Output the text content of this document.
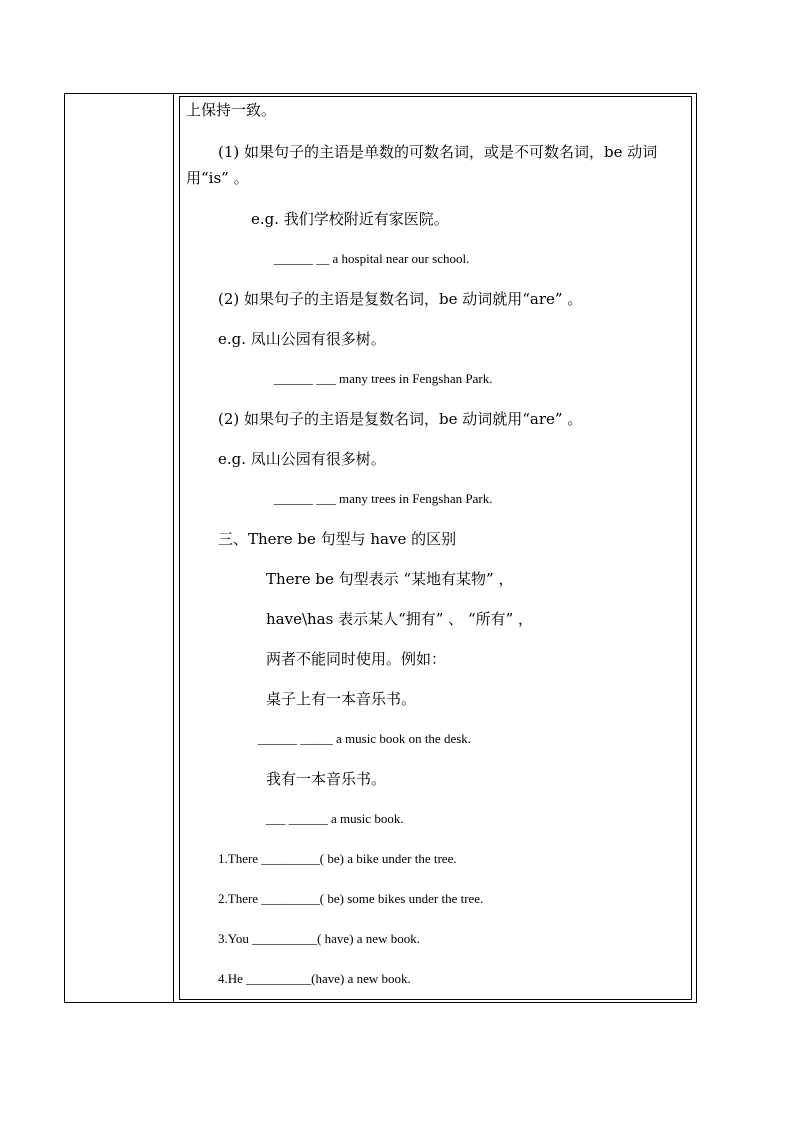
上保持一致。
(1) 如果句子的主语是单数的可数名词，或是不可数名词，be 动词
用“is” 。
e.g. 我们学校附近有家医院。
______ __ a hospital near our school.
(2) 如果句子的主语是复数名词，be 动词就用“are” 。
e.g. 凤山公园有很多树。
______ ___ many trees in Fengshan Park.
(2) 如果句子的主语是复数名词，be 动词就用“are” 。
e.g. 凤山公园有很多树。
______ ___ many trees in Fengshan Park.
三、There be 句型与 have 的区别
There be 句型表示 “某地有某物” ，
have\has 表示某人“拥有” 、 “所有” ，
两者不能同时使用。例如：
桌子上有一本音乐书。
______ _____ a music book on the desk.
我有一本音乐书。
___ ______ a music book.
1.There _________( be) a bike under the tree.
2.There _________( be) some bikes under the tree.
3.You __________( have) a new book.
4.He __________(have) a new book.
